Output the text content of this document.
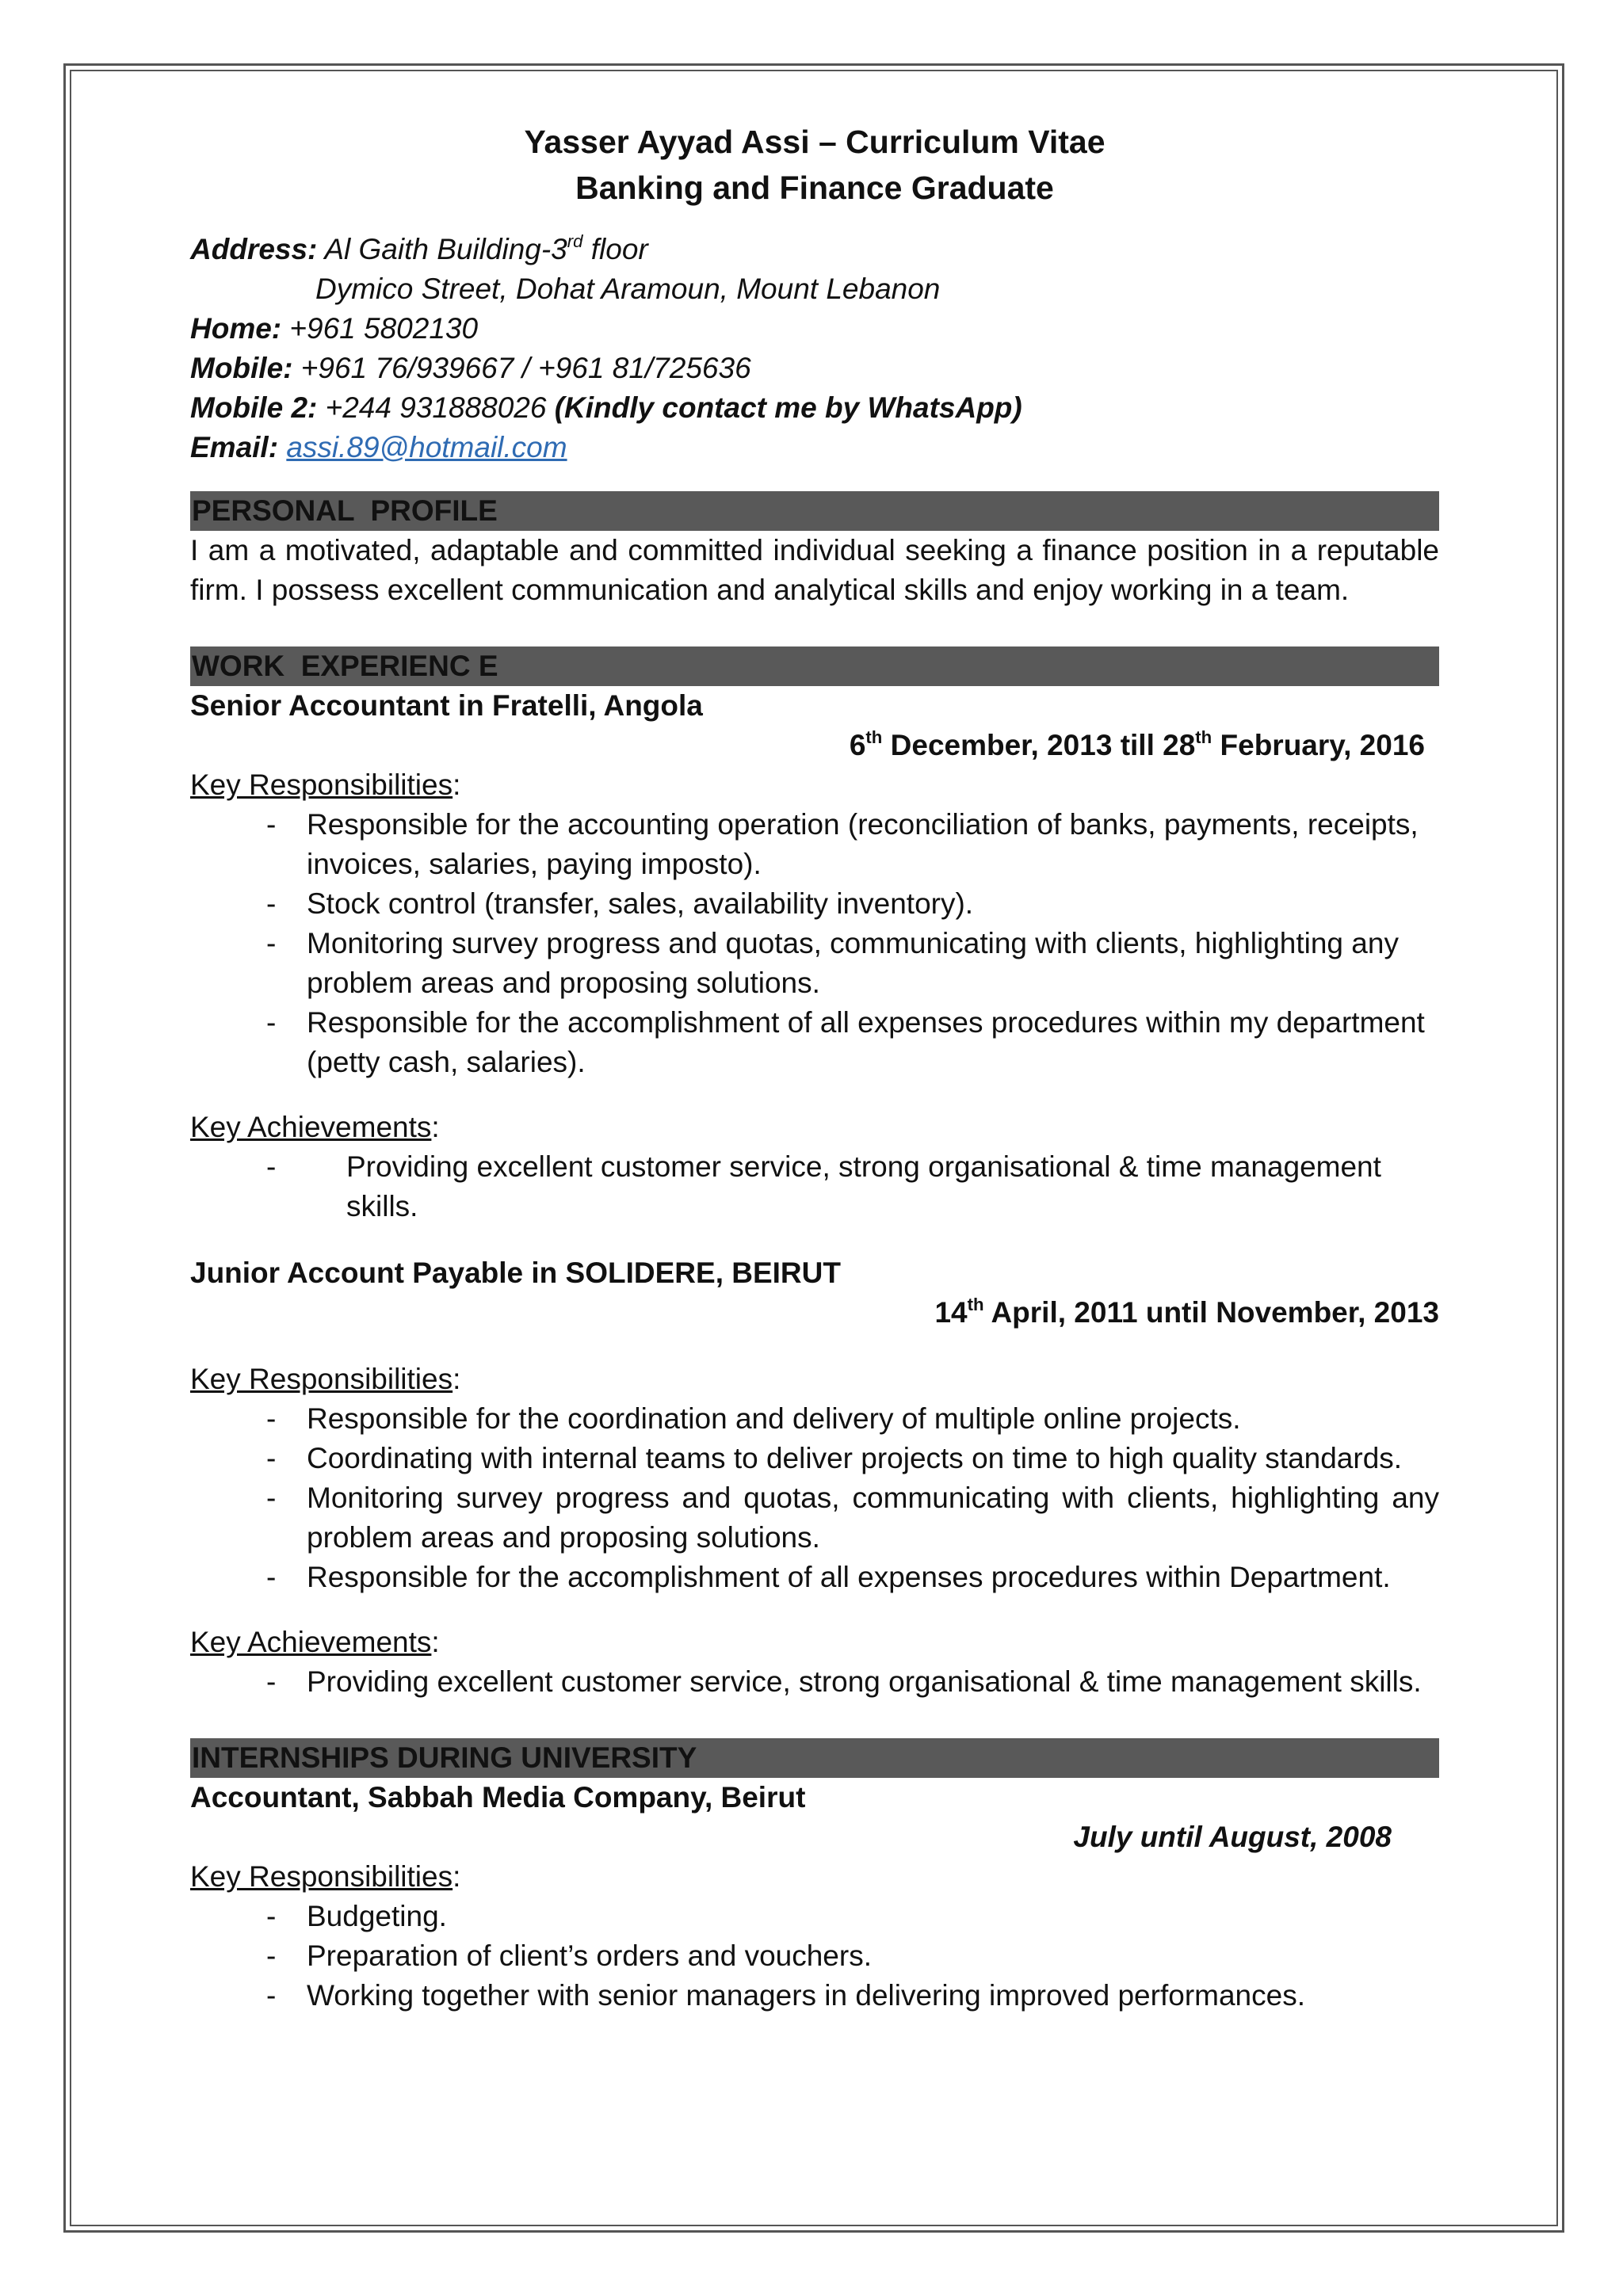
Yasser Ayyad Assi – Curriculum Vitae
Banking and Finance Graduate
Address: Al Gaith Building-3rd floor
Dymico Street, Dohat Aramoun, Mount Lebanon
Home: +961 5802130
Mobile: +961 76/939667 / +961 81/725636
Mobile 2: +244 931888026 (Kindly contact me by WhatsApp)
Email: assi.89@hotmail.com
PERSONAL  PROFILE
I am a motivated, adaptable and committed individual seeking a finance position in a reputable firm. I possess excellent communication and analytical skills and enjoy working in a team.
WORK  EXPERIENC E
Senior Accountant in Fratelli, Angola
6th December, 2013 till 28th February, 2016
Key Responsibilities:
- Responsible for the accounting operation (reconciliation of banks, payments, receipts, invoices, salaries, paying imposto).
- Stock control (transfer, sales, availability inventory).
- Monitoring survey progress and quotas, communicating with clients, highlighting any problem areas and proposing solutions.
- Responsible for the accomplishment of all expenses procedures within my department (petty cash, salaries).
Key Achievements:
- Providing excellent customer service, strong organisational & time management skills.
Junior Account Payable in SOLIDERE, BEIRUT
14th April, 2011 until November, 2013
Key Responsibilities:
- Responsible for the coordination and delivery of multiple online projects.
- Coordinating with internal teams to deliver projects on time to high quality standards.
- Monitoring survey progress and quotas, communicating with clients, highlighting any problem areas and proposing solutions.
- Responsible for the accomplishment of all expenses procedures within Department.
Key Achievements:
- Providing excellent customer service, strong organisational & time management skills.
INTERNSHIPS DURING UNIVERSITY
Accountant, Sabbah Media Company, Beirut
July until August, 2008
Key Responsibilities:
- Budgeting.
- Preparation of client’s orders and vouchers.
- Working together with senior managers in delivering improved performances.
